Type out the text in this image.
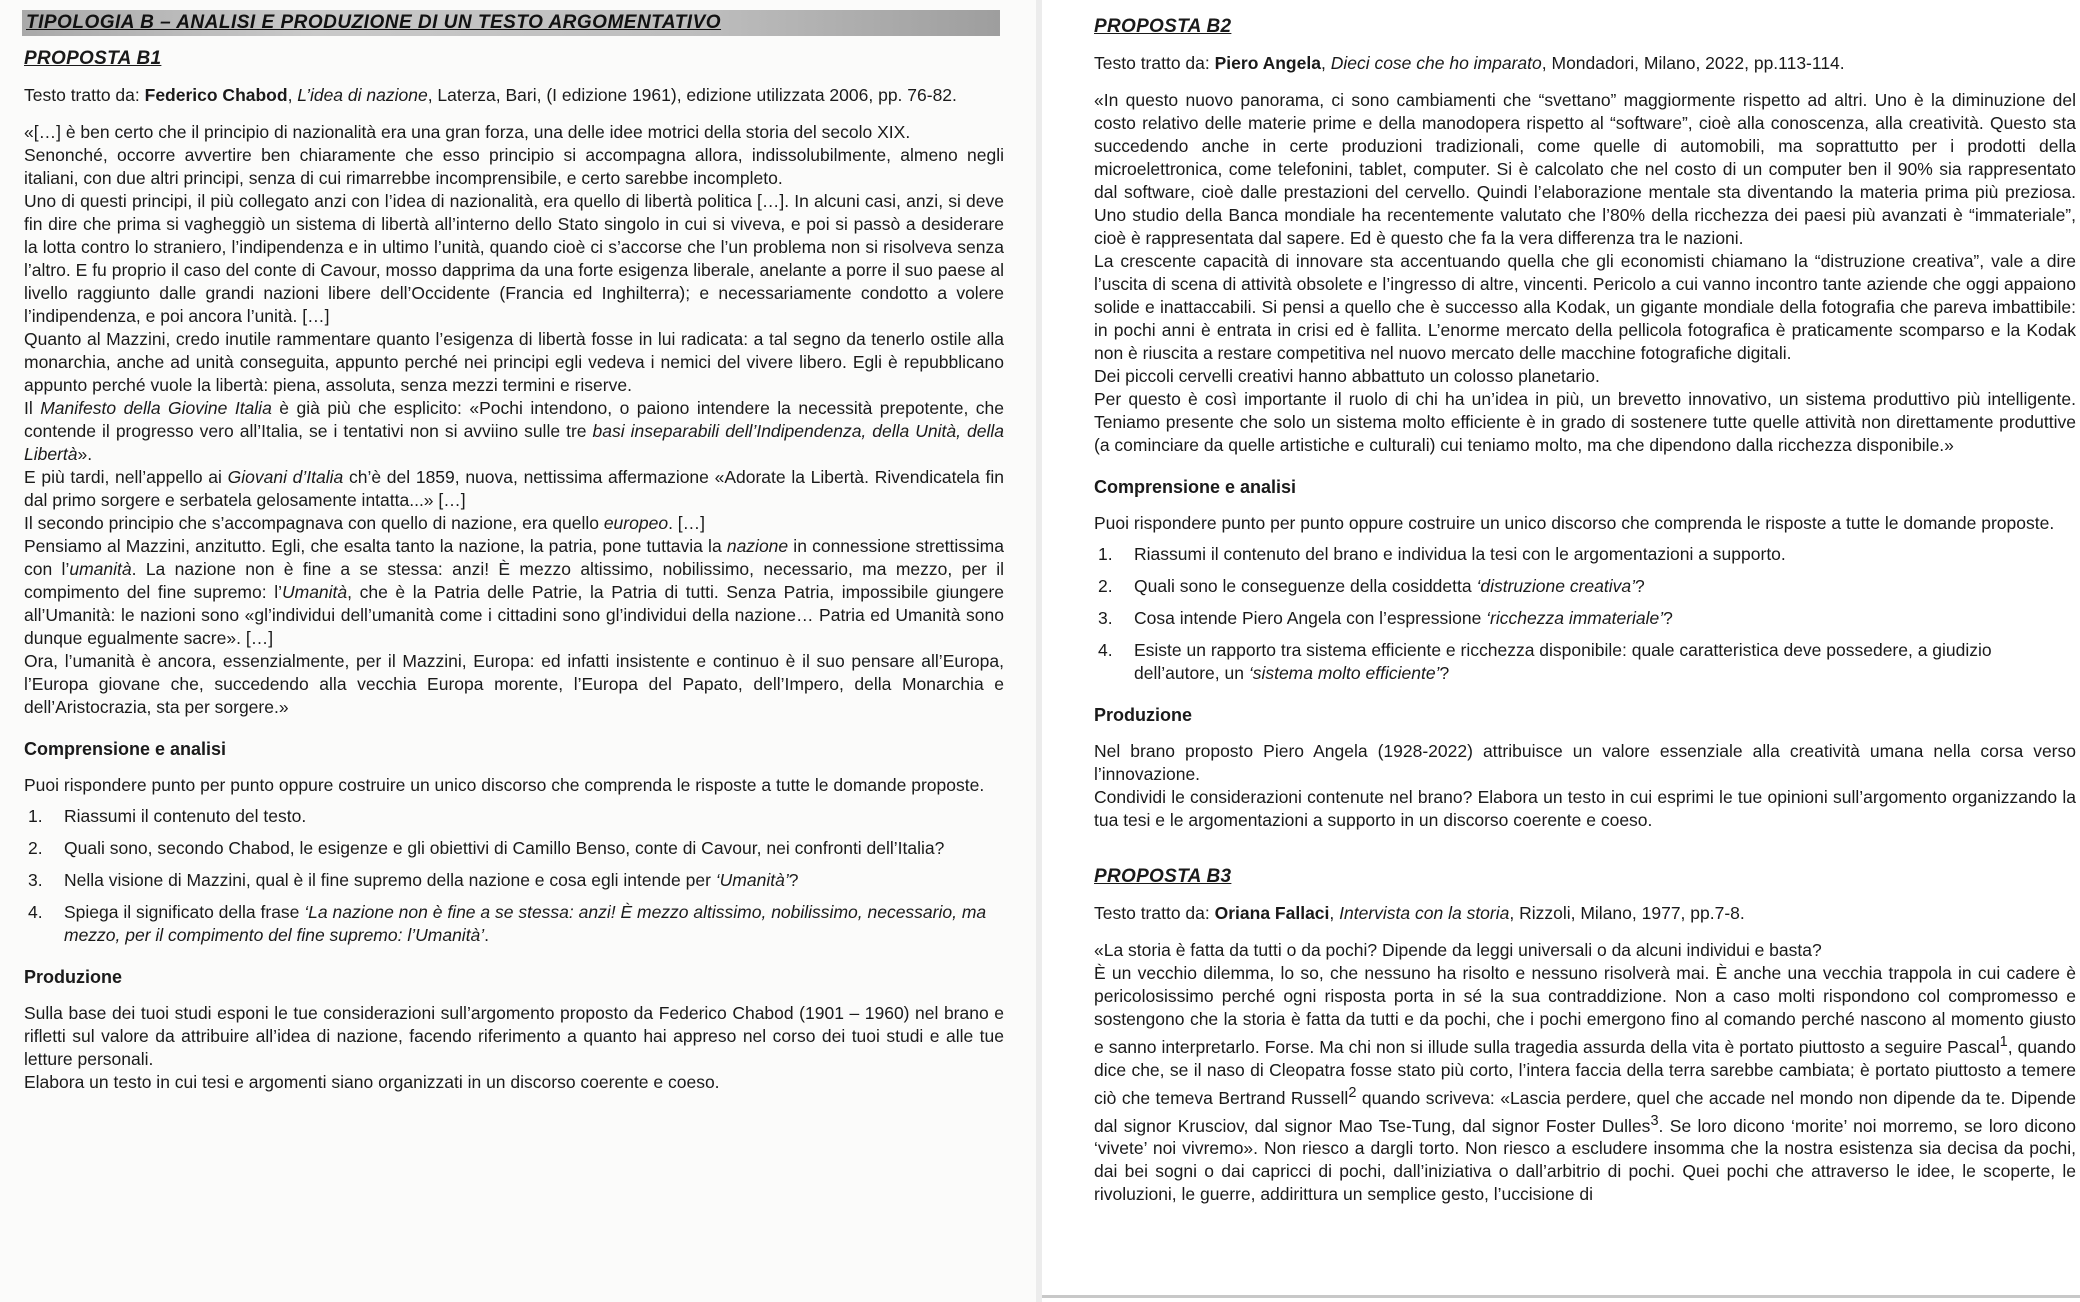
TIPOLOGIA B – ANALISI E PRODUZIONE DI UN TESTO ARGOMENTATIVO
PROPOSTA B1
Testo tratto da: Federico Chabod, L’idea di nazione, Laterza, Bari, (I edizione 1961), edizione utilizzata 2006, pp. 76-82.

«[…] è ben certo che il principio di nazionalità era una gran forza, una delle idee motrici della storia del secolo XIX.

Senonché, occorre avvertire ben chiaramente che esso principio si accompagna allora, indissolubilmente, almeno negli italiani, con due altri principi, senza di cui rimarrebbe incomprensibile, e certo sarebbe incompleto.

Uno di questi principi, il più collegato anzi con l’idea di nazionalità, era quello di libertà politica […]. In alcuni casi, anzi, si deve fin dire che prima si vagheggiò un sistema di libertà all’interno dello Stato singolo in cui si viveva, e poi si passò a desiderare la lotta contro lo straniero, l’indipendenza e in ultimo l’unità, quando cioè ci s’accorse che l’un problema non si risolveva senza l’altro. E fu proprio il caso del conte di Cavour, mosso dapprima da una forte esigenza liberale, anelante a porre il suo paese al livello raggiunto dalle grandi nazioni libere dell’Occidente (Francia ed Inghilterra); e necessariamente condotto a volere l’indipendenza, e poi ancora l’unità. […]

Quanto al Mazzini, credo inutile rammentare quanto l’esigenza di libertà fosse in lui radicata: a tal segno da tenerlo ostile alla monarchia, anche ad unità conseguita, appunto perché nei principi egli vedeva i nemici del vivere libero. Egli è repubblicano appunto perché vuole la libertà: piena, assoluta, senza mezzi termini e riserve.

Il Manifesto della Giovine Italia è già più che esplicito: «Pochi intendono, o paiono intendere la necessità prepotente, che contende il progresso vero all’Italia, se i tentativi non si avviino sulle tre basi inseparabili dell’Indipendenza, della Unità, della Libertà».

E più tardi, nell’appello ai Giovani d’Italia ch’è del 1859, nuova, nettissima affermazione «Adorate la Libertà. Rivendicatela fin dal primo sorgere e serbatela gelosamente intatta...» […]

Il secondo principio che s’accompagnava con quello di nazione, era quello europeo. […]

Pensiamo al Mazzini, anzitutto. Egli, che esalta tanto la nazione, la patria, pone tuttavia la nazione in connessione strettissima con l’umanità. La nazione non è fine a se stessa: anzi! È mezzo altissimo, nobilissimo, necessario, ma mezzo, per il compimento del fine supremo: l’Umanità, che è la Patria delle Patrie, la Patria di tutti. Senza Patria, impossibile giungere all’Umanità: le nazioni sono «gl’individui dell’umanità come i cittadini sono gl’individui della nazione… Patria ed Umanità sono dunque egualmente sacre». […]

Ora, l’umanità è ancora, essenzialmente, per il Mazzini, Europa: ed infatti insistente e continuo è il suo pensare all’Europa, l’Europa giovane che, succedendo alla vecchia Europa morente, l’Europa del Papato, dell’Impero, della Monarchia e dell’Aristocrazia, sta per sorgere.»

Comprensione e analisi

Puoi rispondere punto per punto oppure costruire un unico discorso che comprenda le risposte a tutte le domande proposte.

1. Riassumi il contenuto del testo.
2. Quali sono, secondo Chabod, le esigenze e gli obiettivi di Camillo Benso, conte di Cavour, nei confronti dell’Italia?
3. Nella visione di Mazzini, qual è il fine supremo della nazione e cosa egli intende per ‘Umanità’?
4. Spiega il significato della frase ‘La nazione non è fine a se stessa: anzi! È mezzo altissimo, nobilissimo, necessario, ma mezzo, per il compimento del fine supremo: l’Umanità’.
Produzione

Sulla base dei tuoi studi esponi le tue considerazioni sull’argomento proposto da Federico Chabod (1901 – 1960) nel brano e rifletti sul valore da attribuire all’idea di nazione, facendo riferimento a quanto hai appreso nel corso dei tuoi studi e alle tue letture personali.

Elabora un testo in cui tesi e argomenti siano organizzati in un discorso coerente e coeso.

PROPOSTA B2
Testo tratto da: Piero Angela, Dieci cose che ho imparato, Mondadori, Milano, 2022, pp.113-114.

«In questo nuovo panorama, ci sono cambiamenti che “svettano” maggiormente rispetto ad altri. Uno è la diminuzione del costo relativo delle materie prime e della manodopera rispetto al “software”, cioè alla conoscenza, alla creatività. Questo sta succedendo anche in certe produzioni tradizionali, come quelle di automobili, ma soprattutto per i prodotti della microelettronica, come telefonini, tablet, computer. Si è calcolato che nel costo di un computer ben il 90% sia rappresentato dal software, cioè dalle prestazioni del cervello. Quindi l’elaborazione mentale sta diventando la materia prima più preziosa. Uno studio della Banca mondiale ha recentemente valutato che l’80% della ricchezza dei paesi più avanzati è “immateriale”, cioè è rappresentata dal sapere. Ed è questo che fa la vera differenza tra le nazioni.

La crescente capacità di innovare sta accentuando quella che gli economisti chiamano la “distruzione creativa”, vale a dire l’uscita di scena di attività obsolete e l’ingresso di altre, vincenti. Pericolo a cui vanno incontro tante aziende che oggi appaiono solide e inattaccabili. Si pensi a quello che è successo alla Kodak, un gigante mondiale della fotografia che pareva imbattibile: in pochi anni è entrata in crisi ed è fallita. L’enorme mercato della pellicola fotografica è praticamente scomparso e la Kodak non è riuscita a restare competitiva nel nuovo mercato delle macchine fotografiche digitali.

Dei piccoli cervelli creativi hanno abbattuto un colosso planetario.

Per questo è così importante il ruolo di chi ha un’idea in più, un brevetto innovativo, un sistema produttivo più intelligente. Teniamo presente che solo un sistema molto efficiente è in grado di sostenere tutte quelle attività non direttamente produttive (a cominciare da quelle artistiche e culturali) cui teniamo molto, ma che dipendono dalla ricchezza disponibile.»

Comprensione e analisi

Puoi rispondere punto per punto oppure costruire un unico discorso che comprenda le risposte a tutte le domande proposte.

1. Riassumi il contenuto del brano e individua la tesi con le argomentazioni a supporto.
2. Quali sono le conseguenze della cosiddetta ‘distruzione creativa’?
3. Cosa intende Piero Angela con l’espressione ‘ricchezza immateriale’?
4. Esiste un rapporto tra sistema efficiente e ricchezza disponibile: quale caratteristica deve possedere, a giudizio dell’autore, un ‘sistema molto efficiente’?
Produzione

Nel brano proposto Piero Angela (1928-2022) attribuisce un valore essenziale alla creatività umana nella corsa verso l’innovazione.

Condividi le considerazioni contenute nel brano? Elabora un testo in cui esprimi le tue opinioni sull’argomento organizzando la tua tesi e le argomentazioni a supporto in un discorso coerente e coeso.

PROPOSTA B3
Testo tratto da: Oriana Fallaci, Intervista con la storia, Rizzoli, Milano, 1977, pp.7-8.

«La storia è fatta da tutti o da pochi? Dipende da leggi universali o da alcuni individui e basta?

È un vecchio dilemma, lo so, che nessuno ha risolto e nessuno risolverà mai. È anche una vecchia trappola in cui cadere è pericolosissimo perché ogni risposta porta in sé la sua contraddizione. Non a caso molti rispondono col compromesso e sostengono che la storia è fatta da tutti e da pochi, che i pochi emergono fino al comando perché nascono al momento giusto e sanno interpretarlo. Forse. Ma chi non si illude sulla tragedia assurda della vita è portato piuttosto a seguire Pascal$^1$, quando dice che, se il naso di Cleopatra fosse stato più corto, l’intera faccia della terra sarebbe cambiata; è portato piuttosto a temere ciò che temeva Bertrand Russell$^2$ quando scriveva: «Lascia perdere, quel che accade nel mondo non dipende da te. Dipende dal signor Krusciov, dal signor Mao Tse-Tung, dal signor Foster Dulles$^3$. Se loro dicono ‘morite’ noi morremo, se loro dicono ‘vivete’ noi vivremo». Non riesco a dargli torto. Non riesco a escludere insomma che la nostra esistenza sia decisa da pochi, dai bei sogni o dai capricci di pochi, dall’iniziativa o dall’arbitrio di pochi. Quei pochi che attraverso le idee, le scoperte, le rivoluzioni, le guerre, addirittura un semplice gesto, l’uccisione di
